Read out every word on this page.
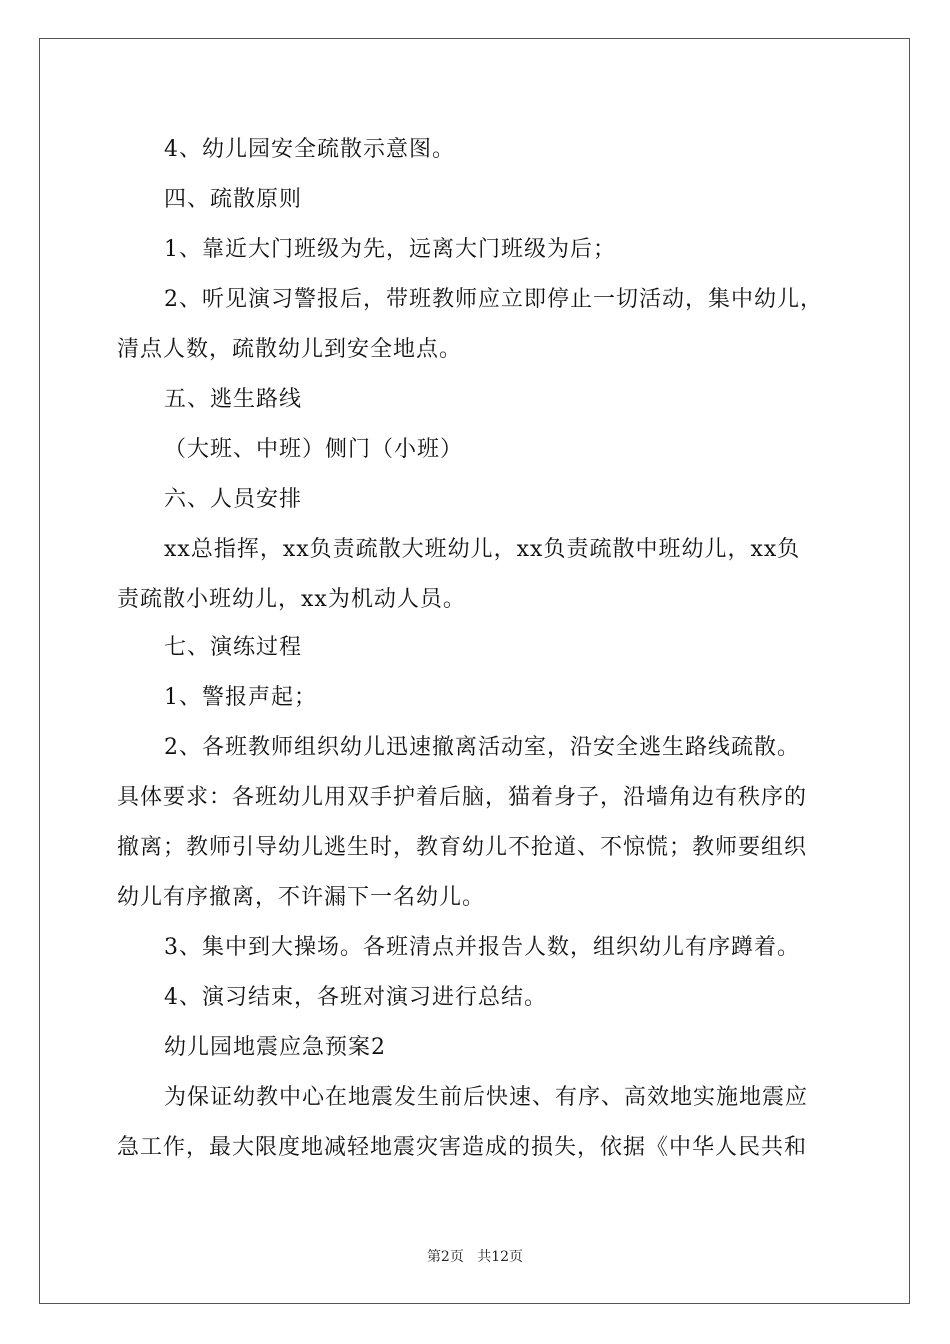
4、幼儿园安全疏散示意图。
四、疏散原则
1、靠近大门班级为先，远离大门班级为后；
2、听见演习警报后，带班教师应立即停止一切活动，集中幼儿，
清点人数，疏散幼儿到安全地点。
五、逃生路线
（大班、中班）侧门（小班）
六、人员安排
xx总指挥，xx负责疏散大班幼儿，xx负责疏散中班幼儿，xx负
责疏散小班幼儿，xx为机动人员。
七、演练过程
1、警报声起；
2、各班教师组织幼儿迅速撤离活动室，沿安全逃生路线疏散。
具体要求：各班幼儿用双手护着后脑，猫着身子，沿墙角边有秩序的
撤离；教师引导幼儿逃生时，教育幼儿不抢道、不惊慌；教师要组织
幼儿有序撤离，不许漏下一名幼儿。
3、集中到大操场。各班清点并报告人数，组织幼儿有序蹲着。
4、演习结束，各班对演习进行总结。
幼儿园地震应急预案2
为保证幼教中心在地震发生前后快速、有序、高效地实施地震应
急工作，最大限度地减轻地震灾害造成的损失，依据《中华人民共和
第2页 共12页
